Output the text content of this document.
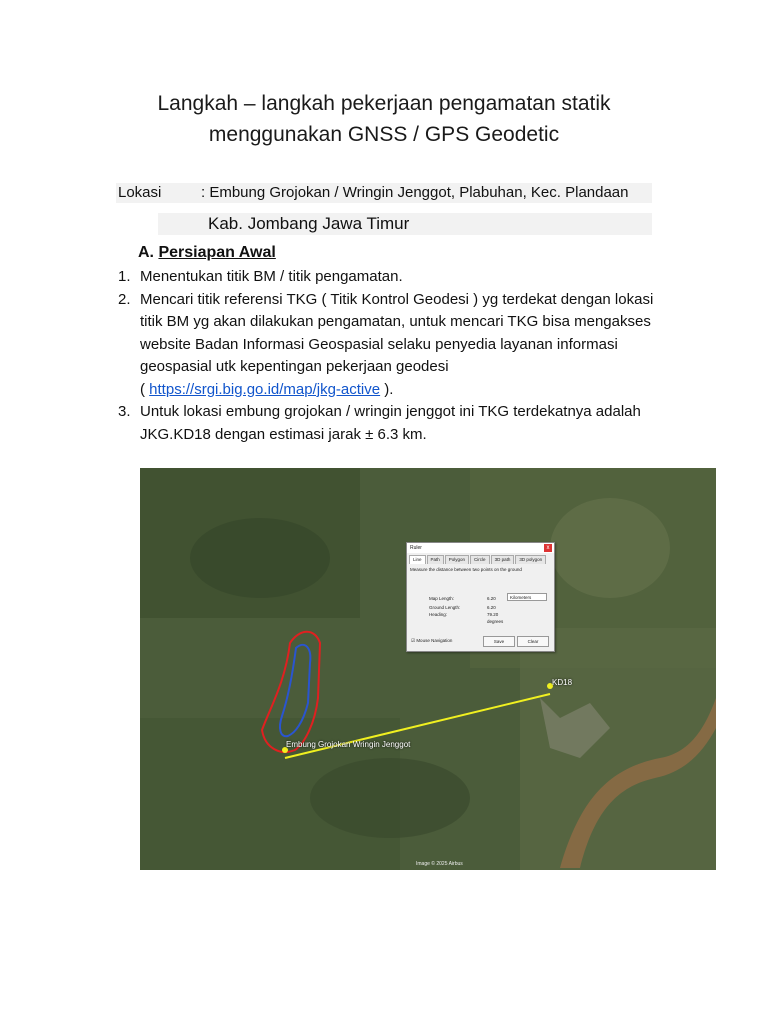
Langkah – langkah pekerjaan pengamatan statik
menggunakan GNSS / GPS Geodetic
Lokasi	: Embung Grojokan / Wringin Jenggot, Plabuhan, Kec. Plandaan
Kab. Jombang Jawa Timur
A. Persiapan Awal
1. Menentukan titik BM / titik pengamatan.
2. Mencari titik referensi TKG ( Titik Kontrol Geodesi ) yg terdekat dengan lokasi titik BM yg akan dilakukan pengamatan, untuk mencari TKG bisa mengakses website Badan Informasi Geospasial selaku penyedia layanan informasi geospasial utk kepentingan pekerjaan geodesi
( https://srgi.big.go.id/map/jkg-active ).
3. Untuk lokasi embung grojokan / wringin jenggot ini TKG terdekatnya adalah JKG.KD18 dengan estimasi jarak ± 6.3 km.
Embung Grojokan Wringin Jenggot
KD18
Image © 2025 Airbus
Ruler	x
Line	Path	Polygon	Circle	3D path	3D polygon
Measure the distance between two points on the ground
Map Length:	6.20	Kilometers
Ground Length:	6.20
Heading:	79.20 degrees
☑ Mouse Navigation	Save	Clear
